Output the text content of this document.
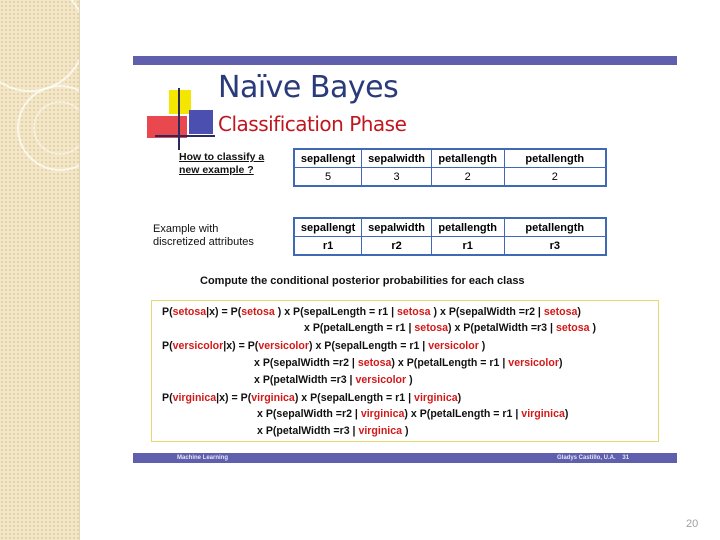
Naïve Bayes
Classification Phase
How to classify a
new example ?
sepallengt	sepalwidth	petallength	petallength
5	3	2	2
Example with
discretized attributes
sepallengt	sepalwidth	petallength	petallength
r1	r2	r1	r3
Compute the conditional posterior probabilities for each class
P(setosa|x) = P(setosa ) x P(sepalLength = r1 | setosa ) x P(sepalWidth =r2 | setosa)
x P(petalLength = r1 | setosa) x P(petalWidth =r3 | setosa )
P(versicolor|x) = P(versicolor) x P(sepalLength = r1 | versicolor )
x P(sepalWidth =r2 | setosa) x P(petalLength = r1 | versicolor)
x P(petalWidth =r3 | versicolor )
P(virginica|x) = P(virginica) x P(sepalLength = r1 | virginica)
x P(sepalWidth =r2 | virginica) x P(petalLength = r1 | virginica)
x P(petalWidth =r3 | virginica )
Machine Learning	Gladys Castillo, U.A. 31
20
